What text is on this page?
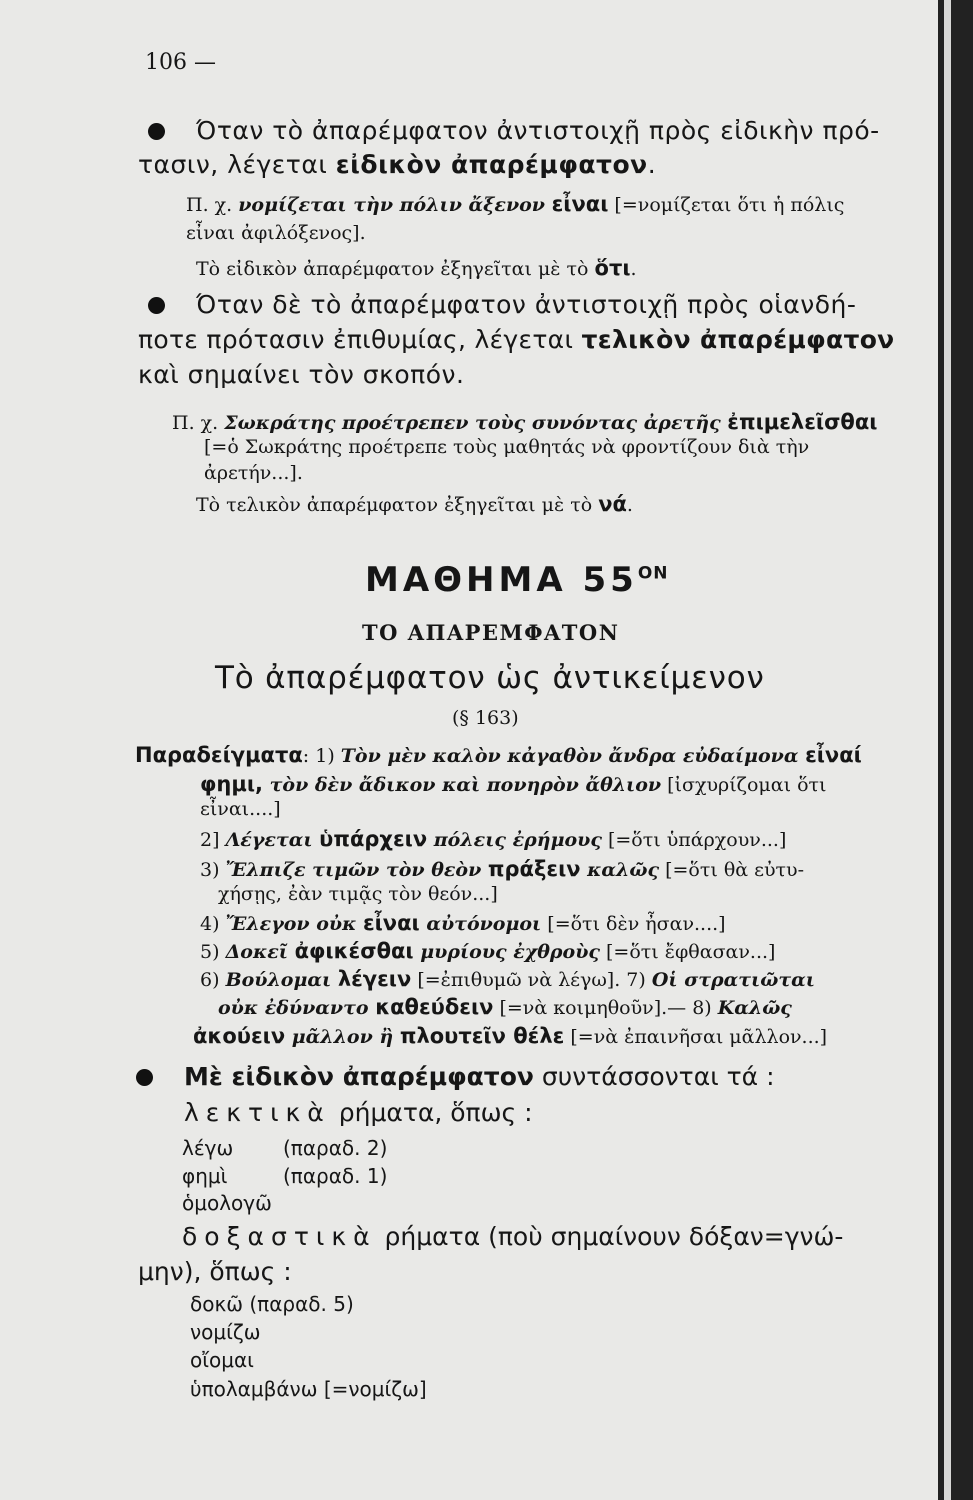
106 —
Όταν τὸ ἀπαρέμφατον ἀντιστοιχῇ πρὸς εἰδικὴν πρό-
τασιν, λέγεται εἰδικὸν ἀπαρέμφατον.
Π. χ. νομίζεται τὴν πόλιν ἄξενον εἶναι [=νομίζεται ὅτι ἡ πόλις
εἶναι ἀφιλόξενος].
Τὸ εἰδικὸν ἀπαρέμφατον ἐξηγεῖται μὲ τὸ ὅτι.
Όταν δὲ τὸ ἀπαρέμφατον ἀντιστοιχῇ πρὸς οἱανδή-
ποτε πρότασιν ἐπιθυμίας, λέγεται τελικὸν ἀπαρέμφατον
καὶ σημαίνει τὸν σκοπόν.
Π. χ. Σωκράτης προέτρεπεν τοὺς συνόντας ἀρετῆς ἐπιμελεῖσθαι
[=ὁ Σωκράτης προέτρεπε τοὺς μαθητάς νὰ φροντίζουν διὰ τὴν
ἀρετήν...].
Τὸ τελικὸν ἀπαρέμφατον ἐξηγεῖται μὲ τὸ νά.
ΜΑΘΗΜΑ $55^{ON}$
ΤΟ ΑΠΑΡΕΜΦΑΤΟΝ
Τὸ ἀπαρέμφατον ὡς ἀντικείμενον
(§ 163)
Παραδείγματα: 1) Τὸν μὲν καλὸν κἀγαθὸν ἄνδρα εὐδαίμονα εἶναί
φημι, τὸν δὲν ἄδικον καὶ πονηρὸν ἄθλιον [ἰσχυρίζομαι ὅτι
εἶναι....]
2] Λέγεται ὑπάρχειν πόλεις ἐρήμους [=ὅτι ὑπάρχουν...]
3) Ἔλπιζε τιμῶν τὸν θεὸν πράξειν καλῶς [=ὅτι θὰ εὐτυ-
χήσῃς, ἐὰν τιμᾷς τὸν θεόν...]
4) Ἔλεγον οὐκ εἶναι αὐτόνομοι [=ὅτι δὲν ἦσαν....]
5) Δοκεῖ ἀφικέσθαι μυρίους ἐχθροὺς [=ὅτι ἔφθασαν...]
6) Βούλομαι λέγειν [=ἐπιθυμῶ νὰ λέγω]. 7) Οἱ στρατιῶται
οὐκ ἐδύναντο καθεύδειν [=νὰ κοιμηθοῦν].— 8) Καλῶς
ἀκούειν μᾶλλον ἢ πλουτεῖν θέλε [=νὰ ἐπαινῆσαι μᾶλλον...]
Μὲ εἰδικὸν ἀπαρέμφατον συντάσσονται τά :
λεκτικὰ ρήματα, ὅπως :
λέγω (παραδ. 2)
φημὶ	(παραδ. 1)
ὁμολογῶ
δοξαστικὰ ρήματα (ποὺ σημαίνουν δόξαν=γνώ-
μην), ὅπως :
δοκῶ (παραδ. 5)
νομίζω
οἴομαι
ὑπολαμβάνω [=νομίζω]
